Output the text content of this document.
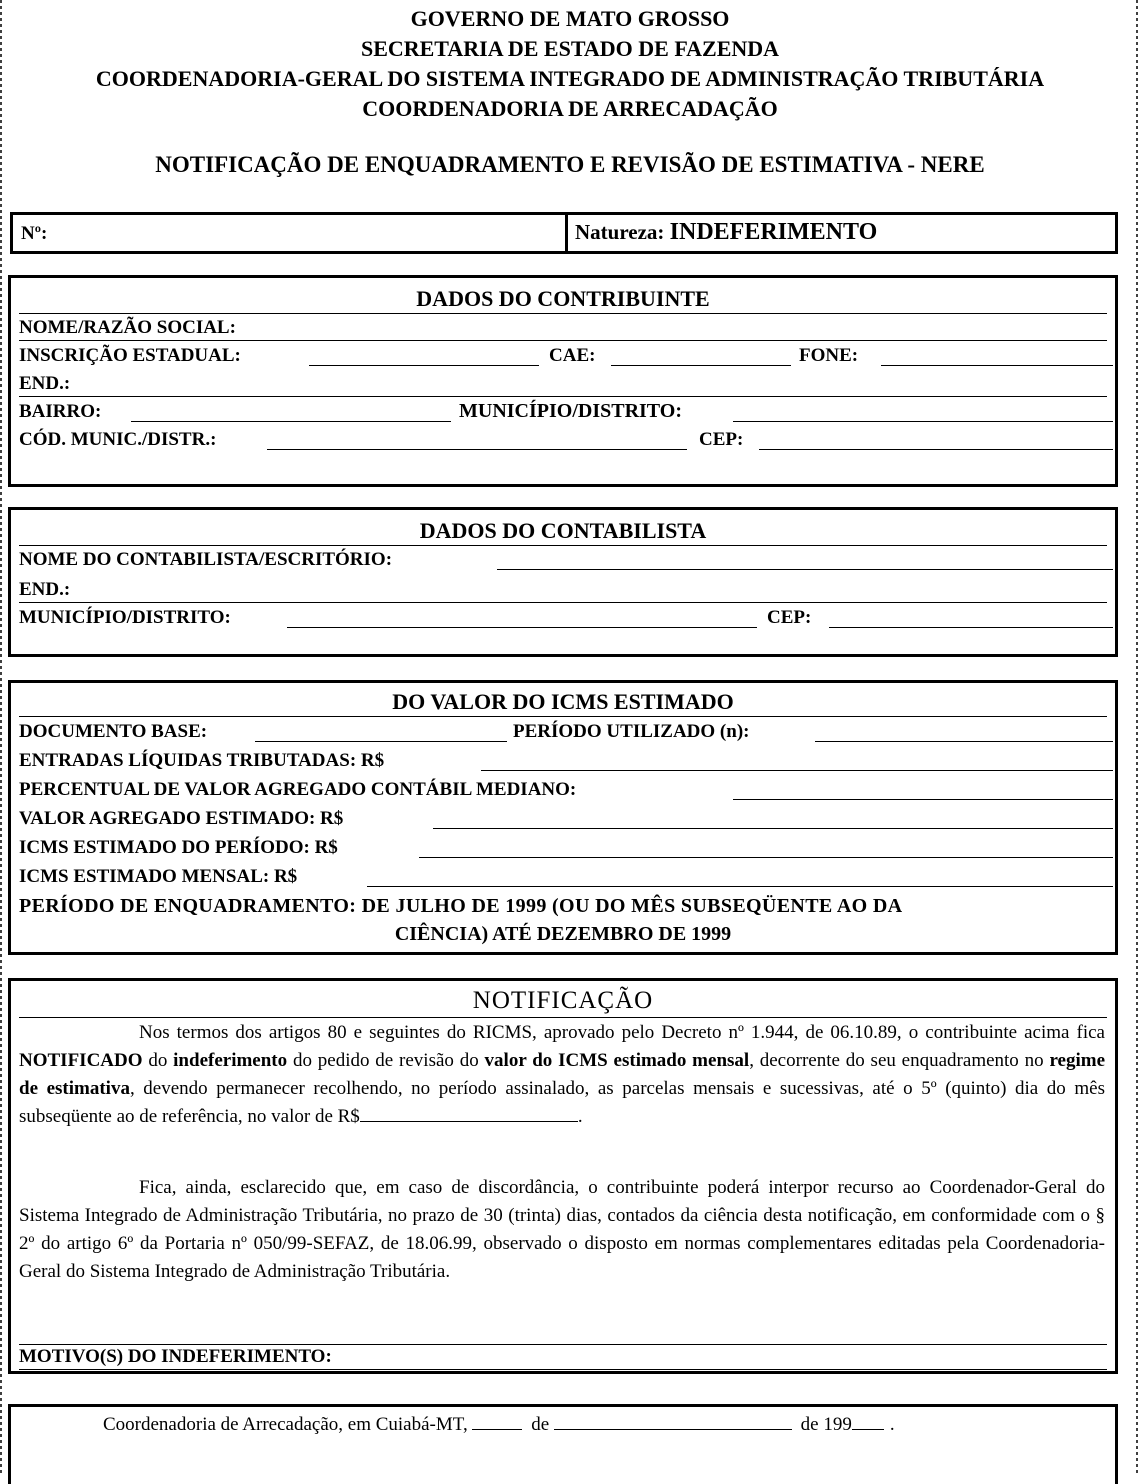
GOVERNO DE MATO GROSSO
SECRETARIA DE ESTADO DE FAZENDA
COORDENADORIA-GERAL DO SISTEMA INTEGRADO DE ADMINISTRAÇÃO TRIBUTÁRIA
COORDENADORIA DE ARRECADAÇÃO
NOTIFICAÇÃO DE ENQUADRAMENTO E REVISÃO DE ESTIMATIVA - NERE
Nº:	Natureza: INDEFERIMENTO
DADOS DO CONTRIBUINTE
NOME/RAZÃO SOCIAL:
INSCRIÇÃO ESTADUAL:	CAE:	FONE:
END.:
BAIRRO:	MUNICÍPIO/DISTRITO:
CÓD. MUNIC./DISTR.:	CEP:
DADOS DO CONTABILISTA
NOME DO CONTABILISTA/ESCRITÓRIO:
END.:
MUNICÍPIO/DISTRITO:	CEP:
DO VALOR DO ICMS ESTIMADO
DOCUMENTO BASE:	PERÍODO UTILIZADO (n):
ENTRADAS LÍQUIDAS TRIBUTADAS: R$
PERCENTUAL DE VALOR AGREGADO CONTÁBIL MEDIANO:
VALOR AGREGADO ESTIMADO: R$
ICMS ESTIMADO DO PERÍODO: R$
ICMS ESTIMADO MENSAL: R$
PERÍODO DE ENQUADRAMENTO: DE JULHO DE 1999 (OU DO MÊS SUBSEQÜENTE AO DA
CIÊNCIA) ATÉ DEZEMBRO DE 1999
NOTIFICAÇÃO

Nos termos dos artigos 80 e seguintes do RICMS, aprovado pelo Decreto nº 1.944, de 06.10.89, o contribuinte acima fica NOTIFICADO do indeferimento do pedido de revisão do valor do ICMS estimado mensal, decorrente do seu enquadramento no regime de estimativa, devendo permanecer recolhendo, no período assinalado, as parcelas mensais e sucessivas, até o 5º (quinto) dia do mês subseqüente ao de referência, no valor de R$	.

Fica, ainda, esclarecido que, em caso de discordância, o contribuinte poderá interpor recurso ao Coordenador-Geral do Sistema Integrado de Administração Tributária, no prazo de 30 (trinta) dias, contados da ciência desta notificação, em conformidade com o § 2º do artigo 6º da Portaria nº 050/99-SEFAZ, de 18.06.99, observado o disposto em normas complementares editadas pela Coordenadoria-Geral do Sistema Integrado de Administração Tributária.

MOTIVO(S) DO INDEFERIMENTO:
Coordenadoria de Arrecadação, em Cuiabá-MT,	de	de 199 .
